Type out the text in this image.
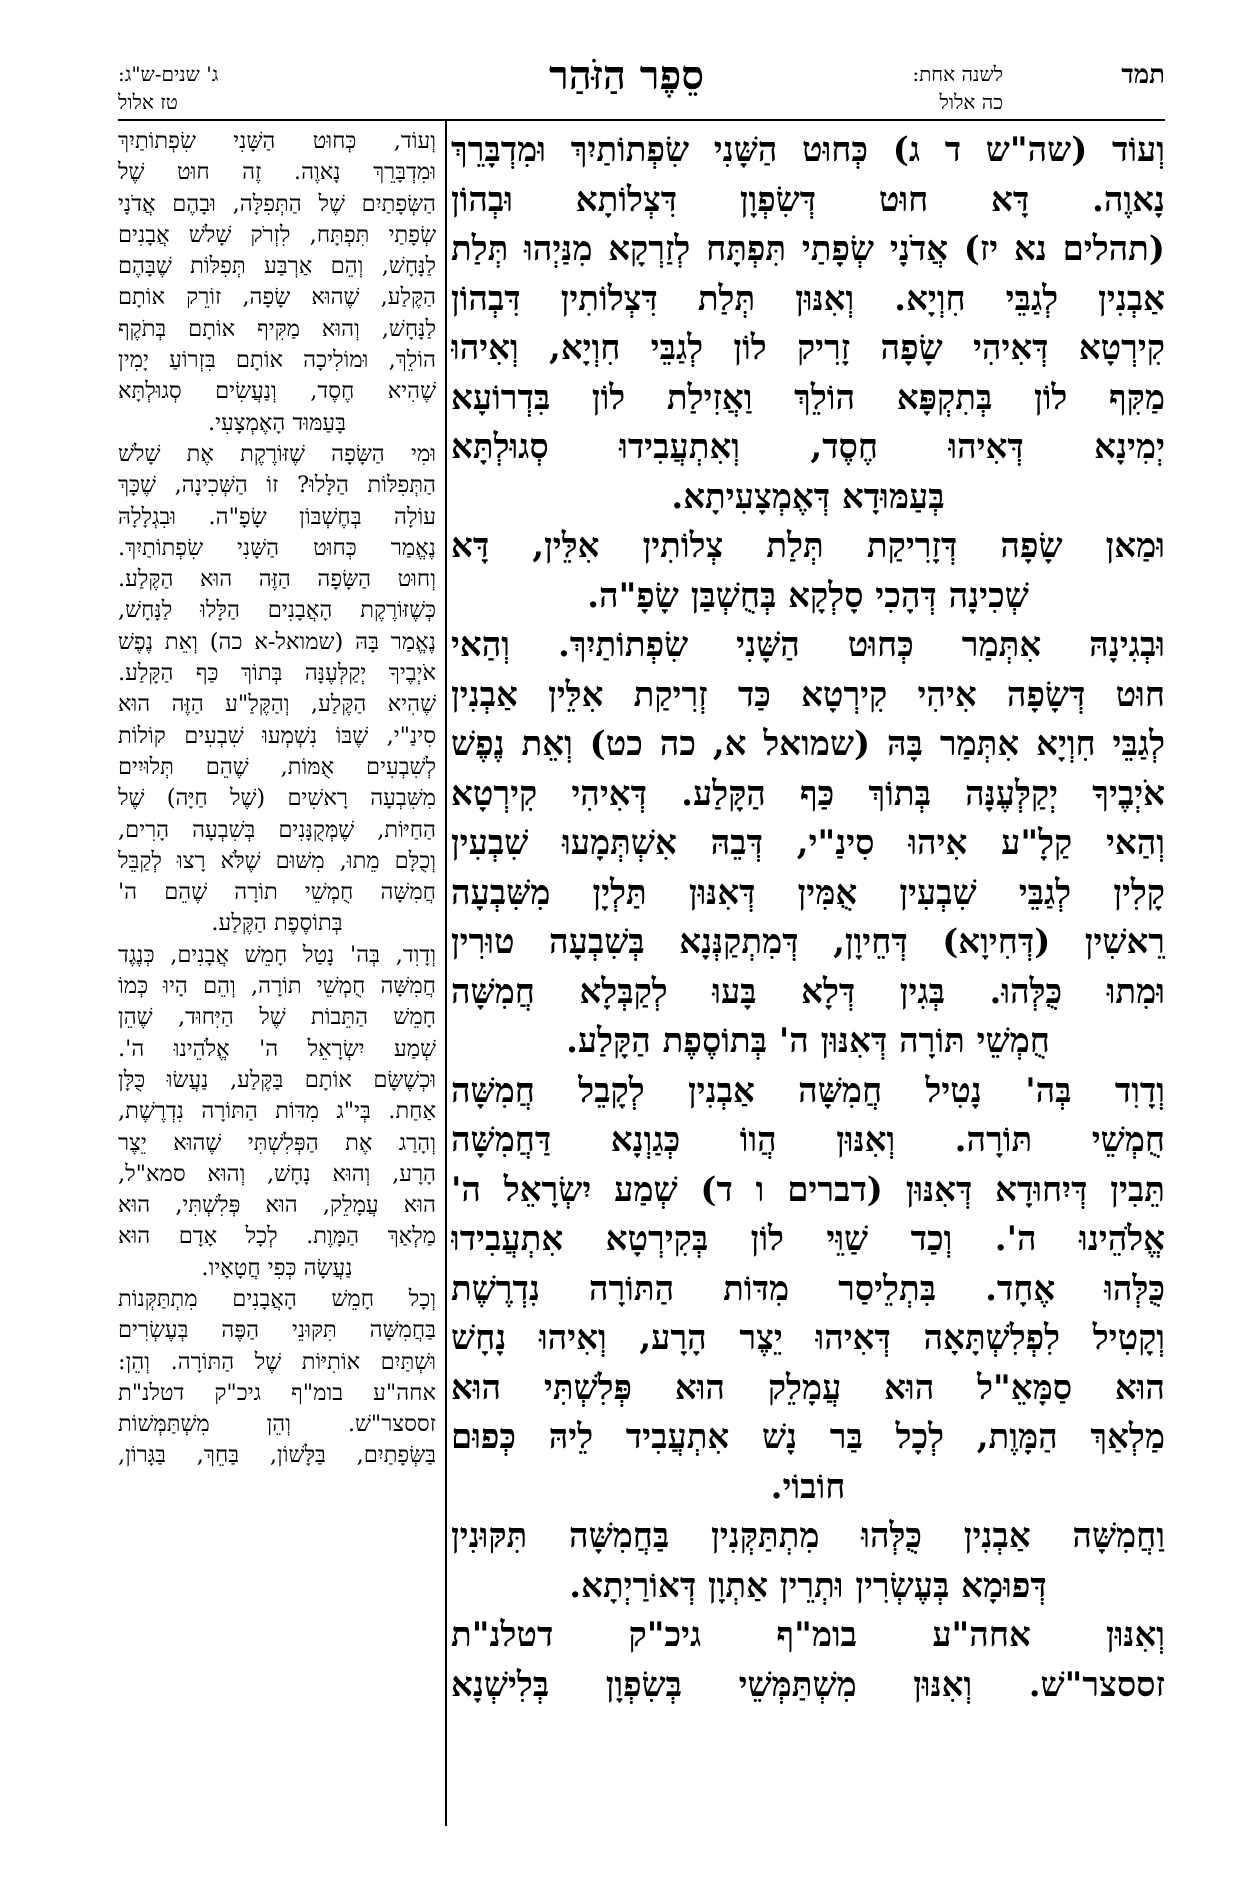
תמד
לשנה אחת:
כה אלול
סֵפֶר הַזֹּהַר
ג' שנים-ש"ג:
טז אלול
וְעוֹד (שה"ש ד ג) כְּחוּט הַשָּׁנִי שִׂפְתוֹתַיִךְ וּמִדְבָּרֵךְ
נָאוֶה. דָּא חוּט דְּשִׂפְוָן דִּצְלוֹתָא וּבְהוֹן
(תהלים נא יז) אֲדֹנָי שְׂפָתַי תִּפְתָּח לְזַרְקָא מִנַּיְהוּ תְּלַת
אַבְנִין לְגַבֵּי חִוְיָא. וְאִנּוּן תְּלַת דִּצְלוֹתִין דִּבְהוֹן
קִירְטָא דְּאִיהִי שָׂפָה זָרִיק לוֹן לְגַבֵּי חִוְיָא, וְאִיהוּ
מַקִּף לוֹן בְּתִקְפָּא הוֹלֵךְ וַאֲזִילַת לוֹן בִּדְרוֹעָא
יְמִינָא דְּאִיהוּ חֶסֶד, וְאִתְעֲבִידוּ סְגוּלְתָּא
בְּעַמּוּדָא דְּאֶמְצָעִיתָא.
וּמַאן שָׂפָה דְּזָרִיקַת תְּלַת צְלוֹתִין אִלֵּין, דָּא
שְׁכִינָה דְּהָכִי סָלְקָא בְּחֻשְׁבַּן שָׂפָ"ה.
וּבְגִינָהּ אִתְּמַר כְּחוּט הַשָּׁנִי שִׂפְתוֹתַיִךְ. וְהַאי
חוּט דְּשָׂפָה אִיהִי קִירְטָא כַּד זְרִיקַת אִלֵּין אַבְנִין
לְגַבֵּי חִוְיָא אִתְּמַר בָּהּ (שמואל א, כה כט) וְאֵת נֶפֶשׁ
אֹיְבֶיךָ יְקַלְּעֶנָּה בְּתוֹךְ כַּף הַקָּלַע. דְּאִיהִי קִירְטָא
וְהַאי קַלָ"ע אִיהוּ סִינַ"י, דְּבֵהּ אִשְׁתְּמָעוּ שִׁבְעִין
קָלִין לְגַבֵּי שִׁבְעִין אֻמִּין דְּאִנּוּן תַּלְיָן מִשִּׁבְעָה
רֵאשִׁין (דְּחִיוָא) דְּחֵיוָן, דְּמִתְקַנְּנָא בְּשִׁבְעָה טוּרִין
וּמִתוּ כֻּלְּהוּ. בְּגִין דְּלָא בָּעוּ לְקַבְּלָא חֲמִשָּׁה
חֻמְשֵׁי תּוֹרָה דְּאִנּוּן ה' בְּתוֹסֶפֶת הַקָּלַע.
וְדָוִד בְּה' נָטִיל חֲמִשָּׁה אַבְנִין לְקָבֵל חֲמִשָּׁה
חֻמְשֵׁי תּוֹרָה. וְאִנּוּן הֲווֹ כְּגַוְנָא דַּחֲמִשָּׁה
תֵּבִין דְּיִחוּדָא דְּאִנּוּן (דברים ו ד) שְׁמַע יִשְׂרָאֵל ה'
אֱלֹהֵינוּ ה'. וְכַד שַׁוֵּי לוֹן בְּקִירְטָא אִתְעֲבִידוּ
כֻּלְּהוּ אֶחָד. בִּתְלֵיסַר מִדּוֹת הַתּוֹרָה נִדְרֶשֶׁת
וְקָטִיל לִפְלִשְׁתָּאָה דְּאִיהוּ יֵצֶר הָרָע, וְאִיהוּ נָחָשׁ
הוּא סַמָּאֵ"ל הוּא עֲמָלֵק הוּא פְּלִשְׁתִּי הוּא
מַלְאַךְ הַמָּוֶת, לְכָל בַּר נָשׁ אִתְעֲבִיד לֵיהּ כְּפוּם
חוֹבוֹי.
וַחֲמִשָּׁה אַבְנִין כֻּלְּהוּ מִתְתַּקְּנִין בַּחֲמִשָּׁה תִּקּוּנִין
דְּפוּמָא בְּעֶשְׂרִין וּתְרֵין אַתְוָן דְּאוֹרַיְתָא.
וְאִנּוּן אחה"ע בומ"ף גיכ"ק דטלנ"ת
זססצר"שׁ. וְאִנּוּן מִשְׁתַּמְּשֵׁי בְּשִׂפְוָן בְּלִישְׁנָא
וְעוֹד, כְּחוּט הַשָּׁנִי שִׂפְתוֹתַיִךְ
וּמִדְבָּרֵךְ נָאוֶה. זֶה חוּט שֶׁל
הַשְּׂפָתַיִם שֶׁל הַתְּפִלָּה, וּבָהֶם אֲדֹנָי
שְׂפָתַי תִּפְתָּח, לִזְרֹק שָׁלשׁ אֲבָנִים
לַנָּחָשׁ, וְהֵם אַרְבַּע תְּפִלּוֹת שֶׁבָּהֶם
הַקֶּלַע, שֶׁהוּא שָׂפָה, זוֹרֵק אוֹתָם
לַנָּחָשׁ, וְהוּא מַקִּיף אוֹתָם בְּתֹקֶף
הוֹלֵךְ, וּמוֹלִיכָה אוֹתָם בִּזְרוֹעַ יָמִין
שֶׁהִיא חֶסֶד, וְנַעֲשִׂים סְגוּלְתָּא
בָּעַמּוּד הָאֶמְצָעִי.
וּמִי הַשָּׂפָה שֶׁזּוֹרֶקֶת אֶת שָׁלשׁ
הַתְּפִלּוֹת הַלָּלוּ? זוֹ הַשְּׁכִינָה, שֶׁכָּךְ
עוֹלָה בְּחֶשְׁבּוֹן שָׂפָ"ה. וּבִגְלָלָהּ
נֶאֱמַר כְּחוּט הַשָּׁנִי שִׂפְתוֹתַיִךְ.
וְחוּט הַשָּׂפָה הַזֶּה הוּא הַקֶּלַע.
כְּשֶׁזּוֹרֶקֶת הָאֲבָנִים הַלָּלוּ לַנָּחָשׁ,
נֶאֱמַר בָּהּ (שמואל-א כה) וְאֵת נֶפֶשׁ
אֹיְבֶיךָ יְקַלְּעֶנָּה בְּתוֹךְ כַּף הַקָּלַע.
שֶׁהִיא הַקֶּלַע, וְהַקֶּלַ"ע הַזֶּה הוּא
סִינַ"י, שֶׁבּוֹ נִשְׁמְעוּ שִׁבְעִים קוֹלוֹת
לְשִׁבְעִים אֻמּוֹת, שֶׁהֵם תְּלוּיִים
מִשִּׁבְעָה רָאשִׁים (שֶׁל חַיָּה) שֶׁל
הַחַיּוֹת, שֶׁמְּקֻנָּנִים בְּשִׁבְעָה הָרִים,
וְכֻלָּם מֵתוּ, מִשּׁוּם שֶׁלֹּא רָצוּ לְקַבֵּל
חֲמִשָּׁה חֻמְשֵׁי תוֹרָה שֶׁהֵם ה'
בְּתוֹסֶפֶת הַקֶּלַע.
וְדָוִד, בְּה' נָטַל חָמֵשׁ אֲבָנִים, כְּנֶגֶד
חֲמִשָּׁה חֻמְשֵׁי תוֹרָה, וְהֵם הָיוּ כְּמוֹ
חָמֵשׁ הַתֵּבוֹת שֶׁל הַיִּחוּד, שֶׁהֵן
שְׁמַע יִשְׂרָאֵל ה' אֱלֹהֵינוּ ה'.
וּכְשֶׁשָּׂם אוֹתָם בַּקֶּלַע, נַעֲשׂוּ כֻּלָּן
אַחַת. בְּי"ג מִדּוֹת הַתּוֹרָה נִדְרֶשֶׁת,
וְהָרַג אֶת הַפְּלִשְׁתִּי שֶׁהוּא יֵצֶר
הָרָע, וְהוּא נָחָשׁ, וְהוּא סמא"ל,
הוּא עֲמָלֵק, הוּא פְּלִשְׁתִּי, הוּא
מַלְאַךְ הַמָּוֶת. לְכָל אָדָם הוּא
נַעֲשָׂה כְּפִי חֲטָאָיו.
וְכָל חָמֵשׁ הָאֲבָנִים מִתְתַּקְּנוֹת
בַּחֲמִשָּׁה תִּקּוּנֵי הַפֶּה בְּעֶשְׂרִים
וּשְׁתַּיִם אוֹתִיּוֹת שֶׁל הַתּוֹרָה. וְהֵן:
אחה"ע בומ"ף גיכ"ק דטלנ"ת
זססצר"שׁ. וְהֵן מִשְׁתַּמְּשׁוֹת
בַּשְּׂפָתַיִם, בַּלָּשׁוֹן, בַּחֵךְ, בַּגָּרוֹן,
